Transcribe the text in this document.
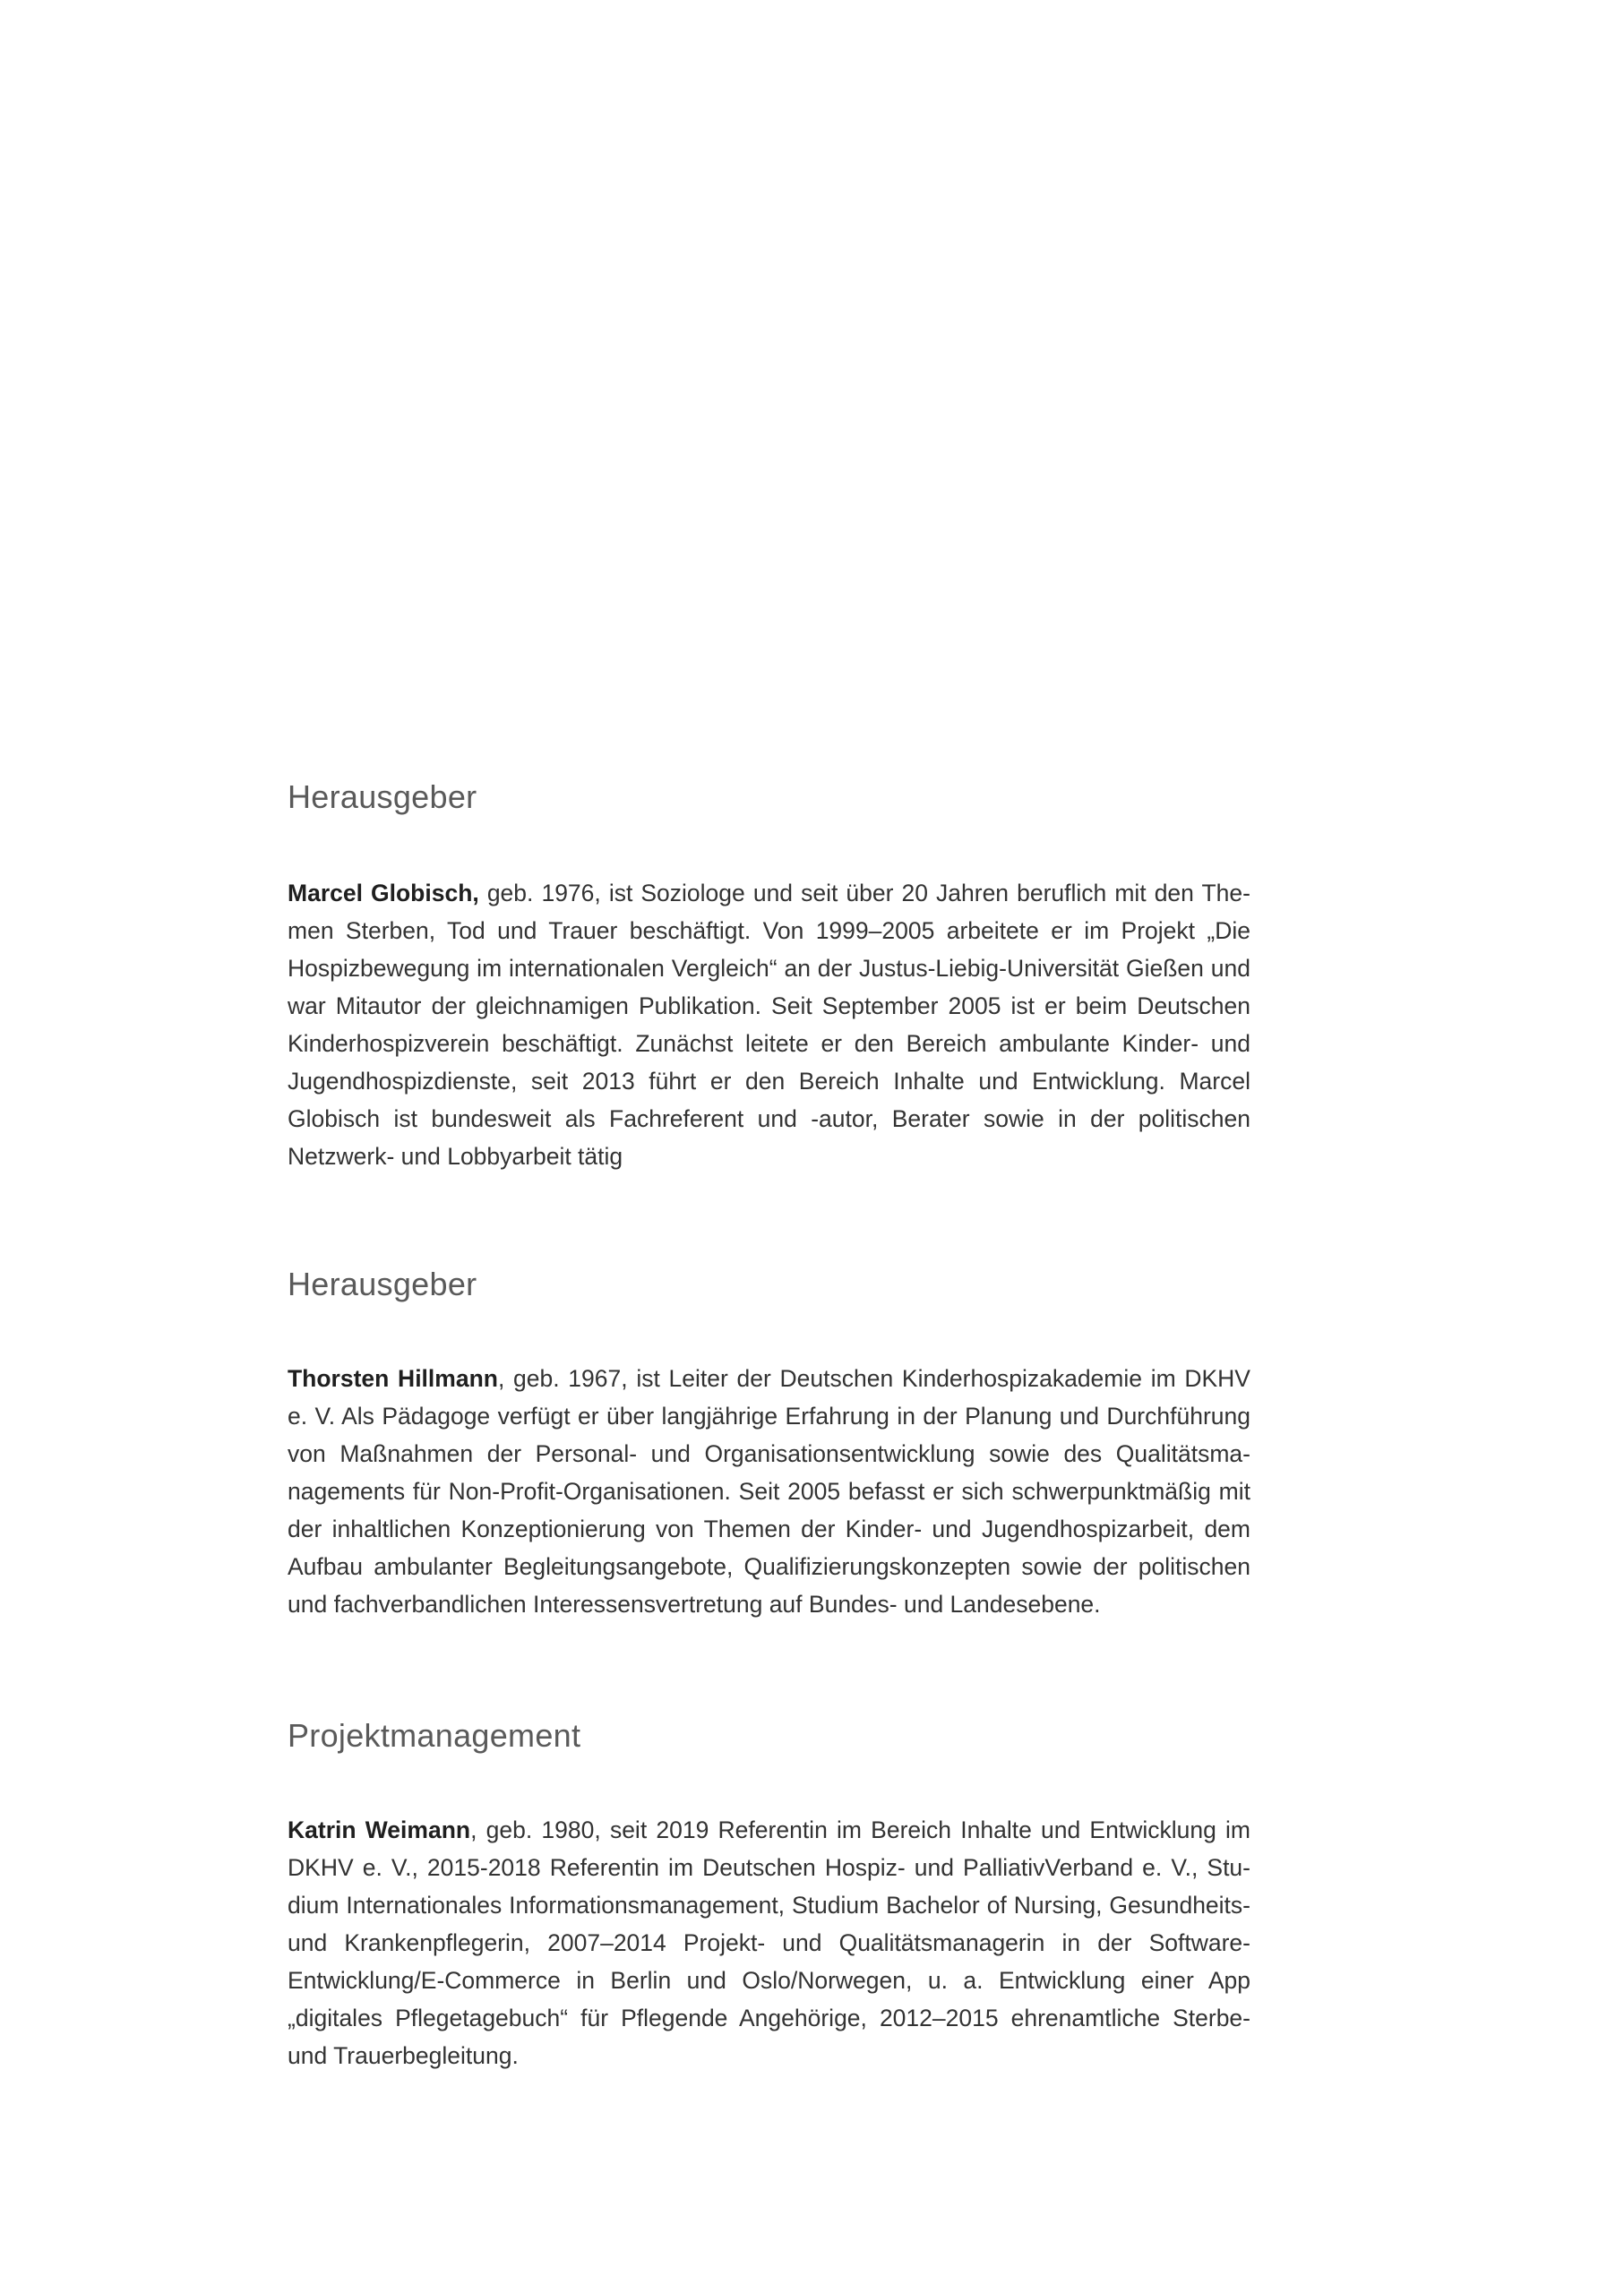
Herausgeber

Marcel Globisch, geb. 1976, ist Soziologe und seit über 20 Jahren beruflich mit den Themen Sterben, Tod und Trauer beschäftigt. Von 1999–2005 arbeitete er im Projekt „Die Hospizbewegung im internationalen Vergleich“ an der Justus-Liebig-Universität Gießen und war Mitautor der gleichnamigen Publikation. Seit September 2005 ist er beim Deutschen Kinderhospizverein beschäftigt. Zunächst leitete er den Bereich ambulante Kinder- und Jugendhospizdienste, seit 2013 führt er den Bereich Inhalte und Entwicklung. Marcel Globisch ist bundesweit als Fachreferent und -autor, Berater sowie in der politischen Netzwerk- und Lobbyarbeit tätig

Herausgeber

Thorsten Hillmann, geb. 1967, ist Leiter der Deutschen Kinderhospizakademie im DKHV e. V. Als Pädagoge verfügt er über langjährige Erfahrung in der Planung und Durchführung von Maßnahmen der Personal- und Organisationsentwicklung sowie des Qualitätsmanagements für Non-Profit-Organisationen. Seit 2005 befasst er sich schwerpunktmäßig mit der inhaltlichen Konzeptionierung von Themen der Kinder- und Jugendhospizarbeit, dem Aufbau ambulanter Begleitungsangebote, Qualifizierungskonzepten sowie der politischen und fachverbandlichen Interessensvertretung auf Bundes- und Landesebene.

Projektmanagement

Katrin Weimann, geb. 1980, seit 2019 Referentin im Bereich Inhalte und Entwicklung im DKHV e. V., 2015-2018 Referentin im Deutschen Hospiz- und PalliativVerband e. V., Studium Internationales Informationsmanagement, Studium Bachelor of Nursing, Gesundheits- und Krankenpflegerin, 2007–2014 Projekt- und Qualitätsmanagerin in der Software-Entwicklung/E-Commerce in Berlin und Oslo/Norwegen, u. a. Entwicklung einer App „digitales Pflegetagebuch“ für Pflegende Angehörige, 2012–2015 ehrenamtliche Sterbe- und Trauerbegleitung.
